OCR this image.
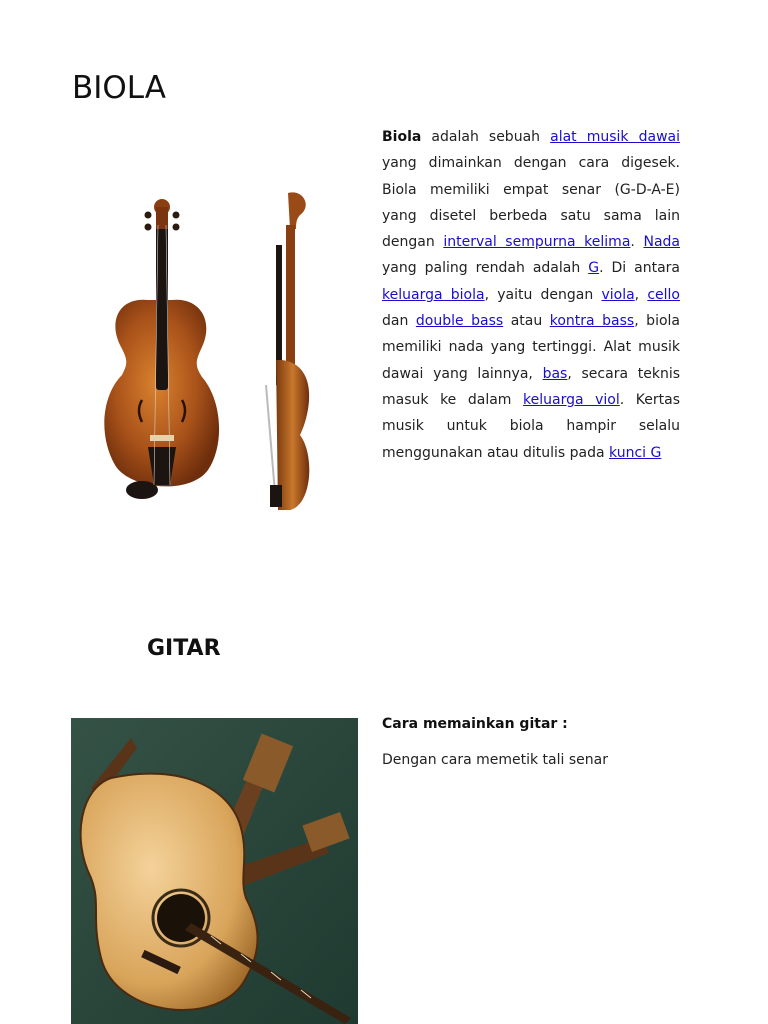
BIOLA

Biola adalah sebuah alat musik dawai yang dimainkan dengan cara digesek. Biola memiliki empat senar (G-D-A-E) yang disetel berbeda satu sama lain dengan interval sempurna kelima. Nada yang paling rendah adalah G. Di antara keluarga biola, yaitu dengan viola, cello dan double bass atau kontra bass, biola memiliki nada yang tertinggi. Alat musik dawai yang lainnya, bas, secara teknis masuk ke dalam keluarga viol. Kertas musik untuk biola hampir selalu menggunakan atau ditulis pada kunci G

GITAR

Cara memainkan gitar :

Dengan cara memetik tali senar
